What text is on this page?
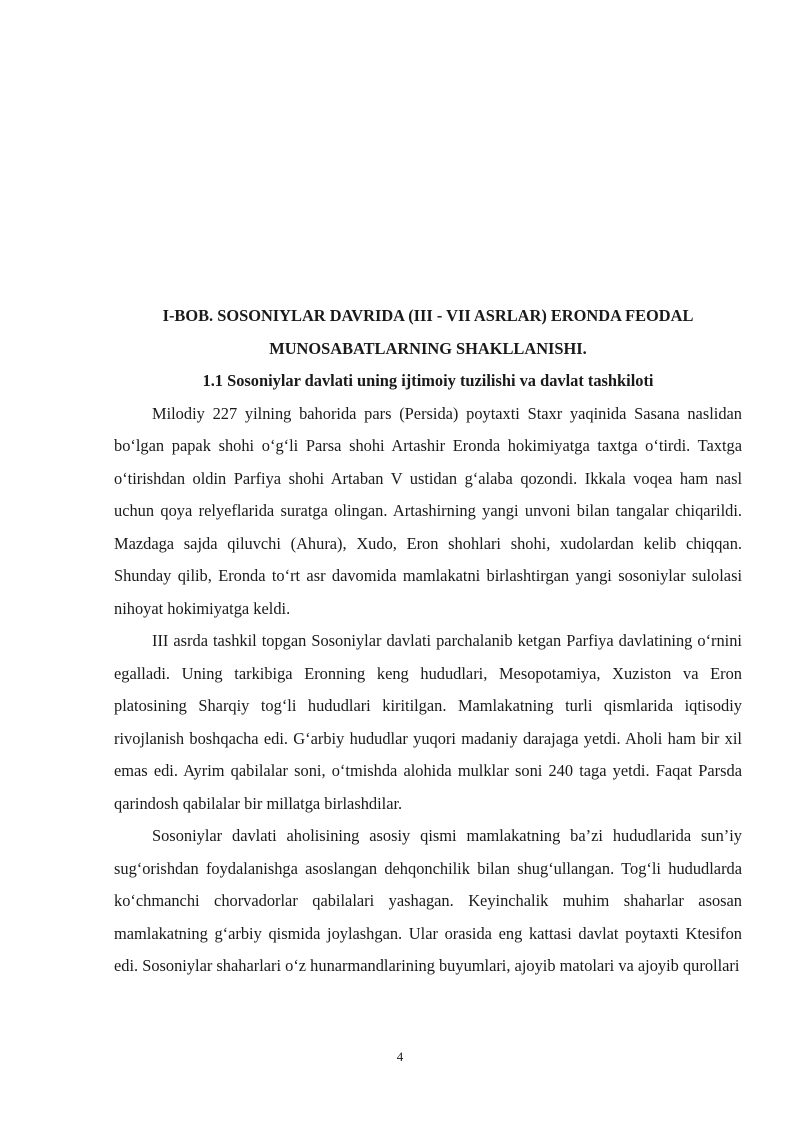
I-BOB. SOSONIYLAR DAVRIDA (III - VII ASRLAR) ERONDA FEODAL MUNOSABATLARNING SHAKLLANISHI.
1.1 Sosoniylar davlati uning ijtimoiy tuzilishi va davlat tashkiloti

Milodiy 227 yilning bahorida pars (Persida) poytaxti Staxr yaqinida Sasana naslidan bo‘lgan papak shohi o‘g‘li Parsa shohi Artashir Eronda hokimiyatga taxtga o‘tirdi. Taxtga o‘tirishdan oldin Parfiya shohi Artaban V ustidan g‘alaba qozondi. Ikkala voqea ham nasl uchun qoya relyeflarida suratga olingan. Artashirning yangi unvoni bilan tangalar chiqarildi. Mazdaga sajda qiluvchi (Ahura), Xudo, Eron shohlari shohi, xudolardan kelib chiqqan. Shunday qilib, Eronda to‘rt asr davomida mamlakatni birlashtirgan yangi sosoniylar sulolasi nihoyat hokimiyatga keldi.

III asrda tashkil topgan Sosoniylar davlati parchalanib ketgan Parfiya davlatining o‘rnini egalladi. Uning tarkibiga Eronning keng hududlari, Mesopotamiya, Xuziston va Eron platosining Sharqiy tog‘li hududlari kiritilgan. Mamlakatning turli qismlarida iqtisodiy rivojlanish boshqacha edi. G‘arbiy hududlar yuqori madaniy darajaga yetdi. Aholi ham bir xil emas edi. Ayrim qabilalar soni, o‘tmishda alohida mulklar soni 240 taga yetdi. Faqat Parsda qarindosh qabilalar bir millatga birlashdilar.

Sosoniylar davlati aholisining asosiy qismi mamlakatning ba’zi hududlarida sun’iy sug‘orishdan foydalanishga asoslangan dehqonchilik bilan shug‘ullangan. Tog‘li hududlarda ko‘chmanchi chorvadorlar qabilalari yashagan. Keyinchalik muhim shaharlar asosan mamlakatning g‘arbiy qismida joylashgan. Ular orasida eng kattasi davlat poytaxti Ktesifon edi. Sosoniylar shaharlari o‘z hunarmandlarining buyumlari, ajoyib matolari va ajoyib qurollari

4
